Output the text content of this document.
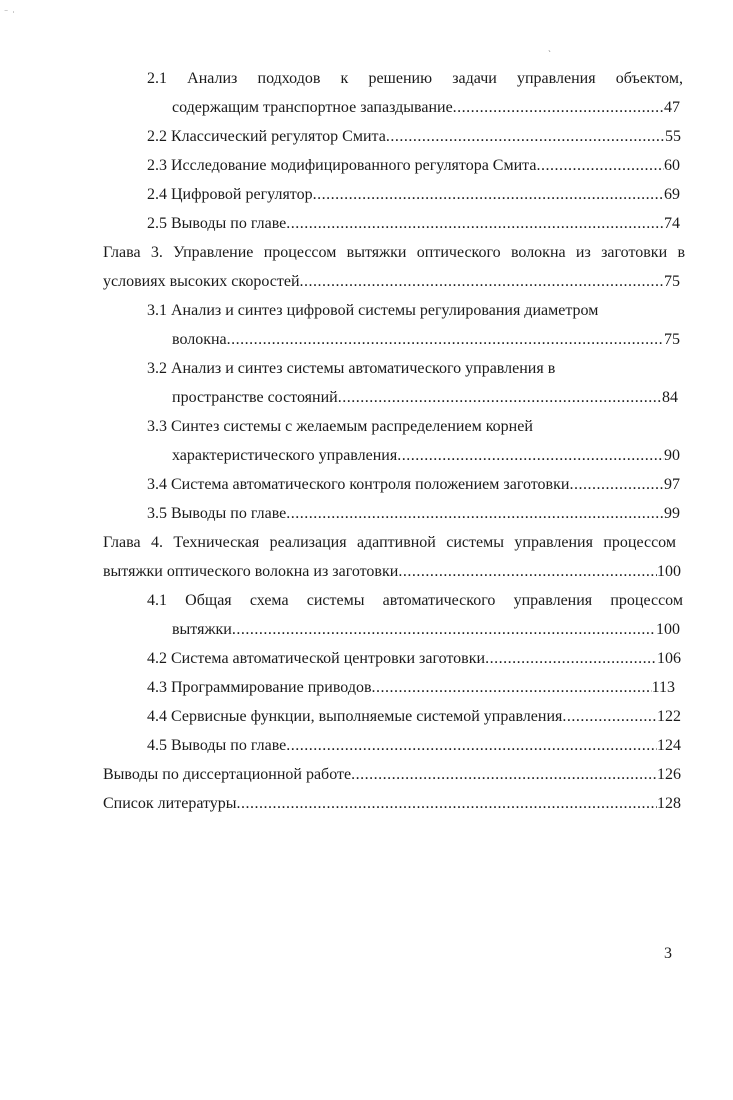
⁻ ·
ˎ
2.1 Анализ подходов к решению задачи управления объектом,
содержащим транспортное запаздывание .....	47
2.2 Классический регулятор Смита .....	55
2.3 Исследование модифицированного регулятора Смита .....	60
2.4 Цифровой регулятор .....	69
2.5 Выводы по главе .....	74
Глава 3. Управление процессом вытяжки оптического волокна из заготовки в
условиях высоких скоростей .....	75
3.1 Анализ и синтез цифровой системы регулирования диаметром
волокна .....	75
3.2 Анализ и синтез системы автоматического управления в
пространстве состояний .....	84
3.3 Синтез системы с желаемым распределением корней
характеристического управления .....	90
3.4 Система автоматического контроля положением заготовки .....	97
3.5 Выводы по главе .....	99
Глава 4. Техническая реализация адаптивной системы управления процессом
вытяжки оптического волокна из заготовки .....	100
4.1 Общая схема системы автоматического управления процессом
вытяжки .....	100
4.2 Система автоматической центровки заготовки .....	106
4.3 Программирование приводов .....	113
4.4 Сервисные функции, выполняемые системой управления .....	122
4.5 Выводы по главе .....	124
Выводы по диссертационной работе .....	126
Список литературы .....	128
3
